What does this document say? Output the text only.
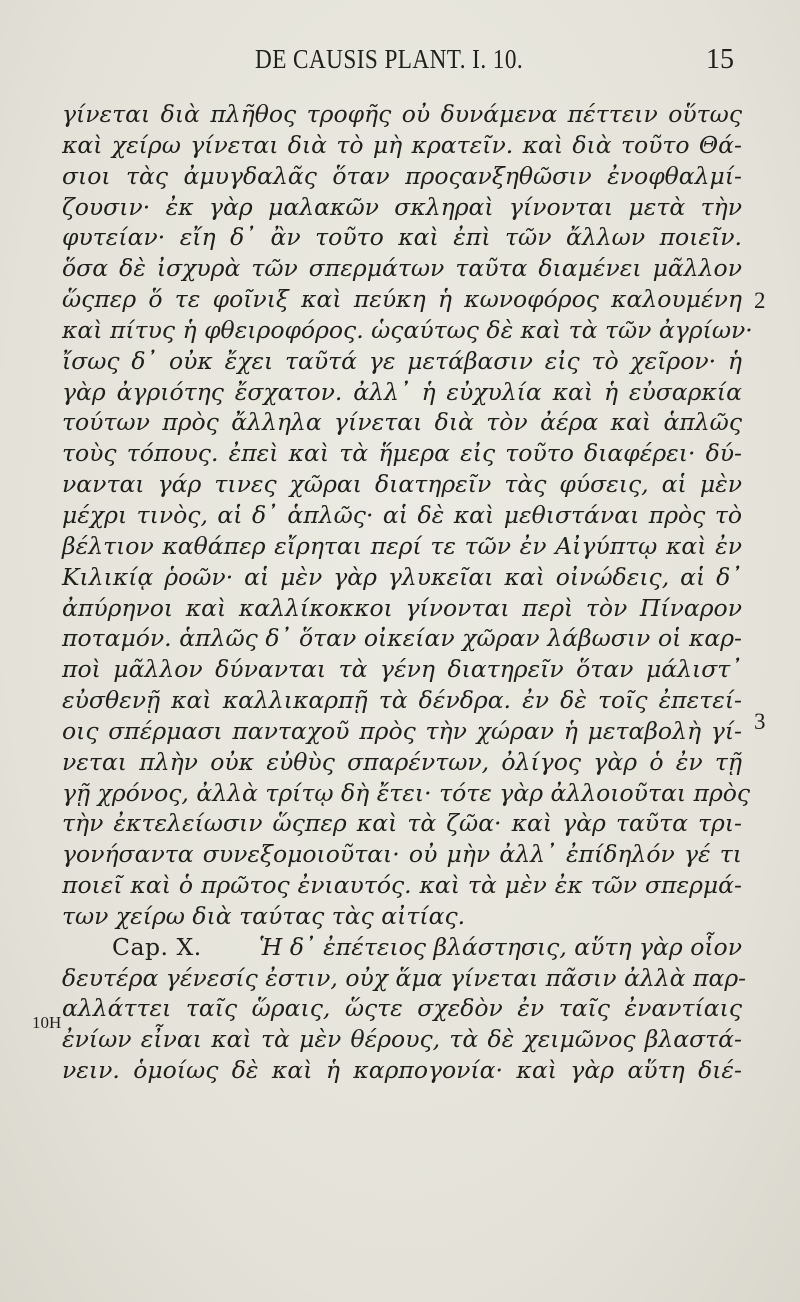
DE CAUSIS PLANT. I. 10.	15
2
3
10H
γίνεται διὰ πλῆθος τροφῆς οὐ δυνάμενα πέττειν οὕτως
καὶ χείρω γίνεται διὰ τὸ μὴ κρατεῖν. καὶ διὰ τοῦτο Θά-
σιοι τὰς ἀμυγδαλᾶς ὅταν προςανξηθῶσιν ἐνοφθαλμί-
ζουσιν· ἐκ γὰρ μαλακῶν σκληραὶ γίνονται μετὰ τὴν
φυτείαν· εἴη δ᾽ ἂν τοῦτο καὶ ἐπὶ τῶν ἄλλων ποιεῖν.
ὅσα δὲ ἰσχυρὰ τῶν σπερμάτων ταῦτα διαμένει μᾶλλον
ὥςπερ ὅ τε φοῖνιξ καὶ πεύκη ἡ κωνοφόρος καλουμένη
καὶ πίτυς ἡ φθειροφόρος. ὡςαύτως δὲ καὶ τὰ τῶν ἀγρίων·
ἴσως δ᾽ οὐκ ἔχει ταῦτά γε μετάβασιν εἰς τὸ χεῖρον· ἡ
γὰρ ἀγριότης ἔσχατον. ἀλλ᾽ ἡ εὐχυλία καὶ ἡ εὐσαρκία
τούτων πρὸς ἄλληλα γίνεται διὰ τὸν ἀέρα καὶ ἁπλῶς
τοὺς τόπους. ἐπεὶ καὶ τὰ ἥμερα εἰς τοῦτο διαφέρει· δύ-
νανται γάρ τινες χῶραι διατηρεῖν τὰς φύσεις, αἱ μὲν
μέχρι τινὸς, αἱ δ᾽ ἁπλῶς· αἱ δὲ καὶ μεθιστάναι πρὸς τὸ
βέλτιον καθάπερ εἴρηται περί τε τῶν ἐν Αἰγύπτῳ καὶ ἐν
Κιλικίᾳ ῥοῶν· αἱ μὲν γὰρ γλυκεῖαι καὶ οἰνώδεις, αἱ δ᾽
ἀπύρηνοι καὶ καλλίκοκκοι γίνονται περὶ τὸν Πίναρον
ποταμόν. ἁπλῶς δ᾽ ὅταν οἰκείαν χῶραν λάβωσιν οἱ καρ-
ποὶ μᾶλλον δύνανται τὰ γένη διατηρεῖν ὅταν μάλιστ᾽
εὐσθενῇ καὶ καλλικαρπῇ τὰ δένδρα. ἐν δὲ τοῖς ἐπετεί-
οις σπέρμασι πανταχοῦ πρὸς τὴν χώραν ἡ μεταβολὴ γί-
νεται πλὴν οὐκ εὐθὺς σπαρέντων, ὀλίγος γὰρ ὁ ἐν τῇ
γῇ χρόνος, ἀλλὰ τρίτῳ δὴ ἔτει· τότε γὰρ ἀλλοιοῦται πρὸς
τὴν ἐκτελείωσιν ὥςπερ καὶ τὰ ζῶα· καὶ γὰρ ταῦτα τρι-
γονήσαντα συνεξομοιοῦται· οὐ μὴν ἀλλ᾽ ἐπίδηλόν γέ τι
ποιεῖ καὶ ὁ πρῶτος ἐνιαυτός. καὶ τὰ μὲν ἐκ τῶν σπερμά-
των χείρω διὰ ταύτας τὰς αἰτίας.
Cap. X. Ἡ δ᾽ ἐπέτειος βλάστησις, αὕτη γὰρ οἷον
δευτέρα γένεσίς ἐστιν, οὐχ ἅμα γίνεται πᾶσιν ἀλλὰ παρ-
αλλάττει ταῖς ὥραις, ὥςτε σχεδὸν ἐν ταῖς ἐναντίαις
ἐνίων εἶναι καὶ τὰ μὲν θέρους, τὰ δὲ χειμῶνος βλαστά-
νειν. ὁμοίως δὲ καὶ ἡ καρπογονία· καὶ γὰρ αὕτη διέ-
